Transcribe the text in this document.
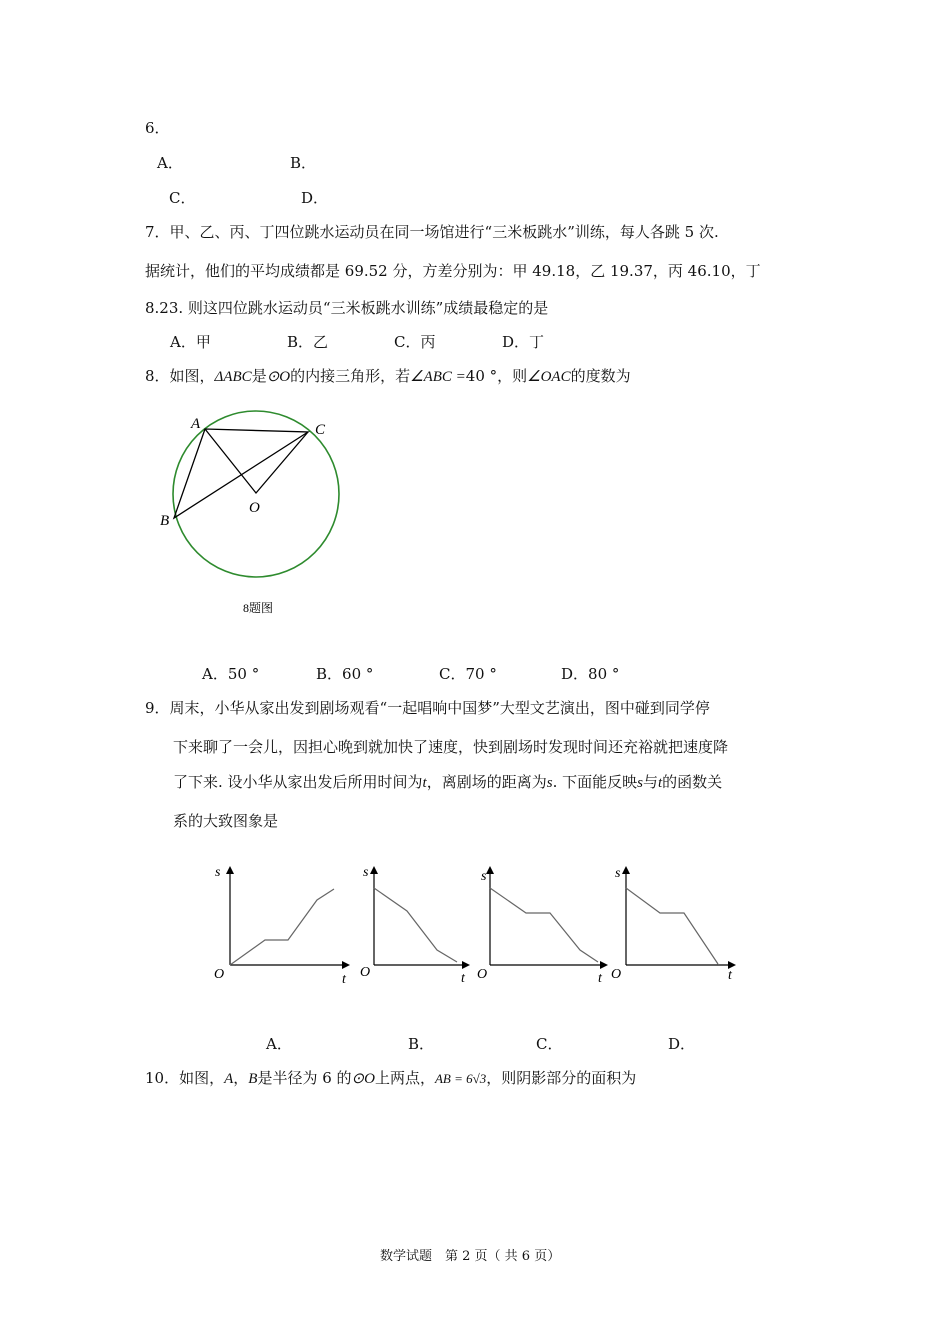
6．
A．	B．
C．	D．
7．甲、乙、丙、丁四位跳水运动员在同一场馆进行“三米板跳水”训练，每人各跳 5 次.
据统计，他们的平均成绩都是 69.52 分，方差分别为：甲 49.18，乙 19.37，丙 46.10，丁
8.23. 则这四位跳水运动员“三米板跳水训练”成绩最稳定的是
A．甲	B．乙	C．丙	D．丁
8．如图，ΔABC是⊙O的内接三角形，若∠ABC =40 °，则∠OAC的度数为
A	C
B
O
8题图
A．50 °	B．60 °	C．70 °	D．80 °
9．周末，小华从家出发到剧场观看“一起唱响中国梦”大型文艺演出，图中碰到同学停
下来聊了一会儿，因担心晚到就加快了速度，快到剧场时发现时间还充裕就把速度降
了下来. 设小华从家出发后所用时间为t，离剧场的距离为s. 下面能反映s与t的函数关
系的大致图象是
s
t
O
s
t
O
s
t
O
s
t
O
A．	B．	C．	D．
10．如图，A，B是半径为 6 的⊙O上两点，AB = 6√3，则阴影部分的面积为
数学试题　第 2 页（ 共 6 页）
